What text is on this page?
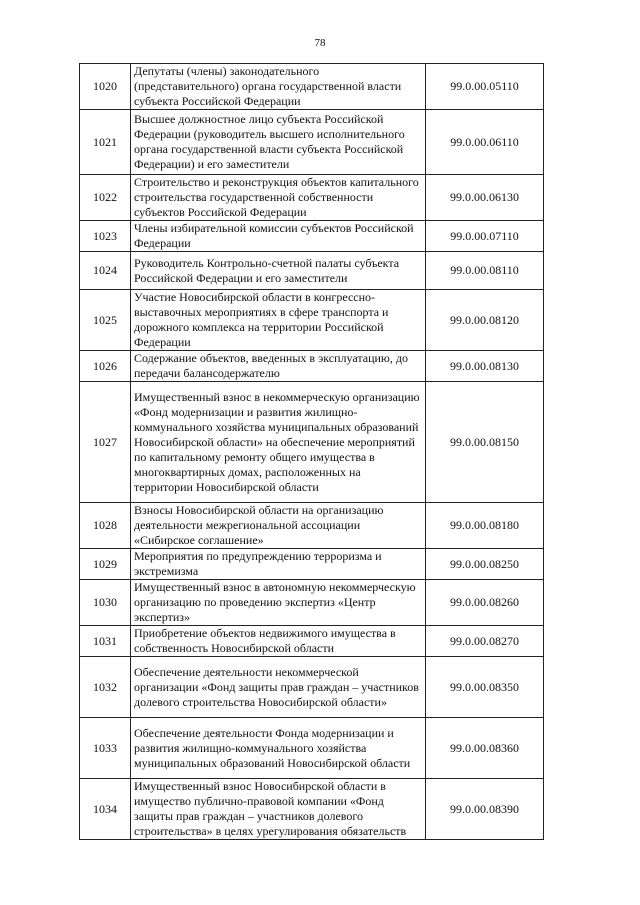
78
1020	Депутаты (члены) законодательного (представительного) органа государственной власти субъекта Российской Федерации	99.0.00.05110
1021	Высшее должностное лицо субъекта Российской Федерации (руководитель высшего исполнительного органа государственной власти субъекта Российской Федерации) и его заместители	99.0.00.06110
1022	Строительство и реконструкция объектов капитального строительства государственной собственности субъектов Российской Федерации	99.0.00.06130
1023	Члены избирательной комиссии субъектов Российской Федерации	99.0.00.07110
1024	Руководитель Контрольно-счетной палаты субъекта Российской Федерации и его заместители	99.0.00.08110
1025	Участие Новосибирской области в конгрессно-выставочных мероприятиях в сфере транспорта и дорожного комплекса на территории Российской Федерации	99.0.00.08120
1026	Содержание объектов, введенных в эксплуатацию, до передачи балансодержателю	99.0.00.08130
1027	Имущественный взнос в некоммерческую организацию «Фонд модернизации и развития жилищно-коммунального хозяйства муниципальных образований Новосибирской области» на обеспечение мероприятий по капитальному ремонту общего имущества в многоквартирных домах, расположенных на территории Новосибирской области	99.0.00.08150
1028	Взносы Новосибирской области на организацию деятельности межрегиональной ассоциации «Сибирское соглашение»	99.0.00.08180
1029	Мероприятия по предупреждению терроризма и экстремизма	99.0.00.08250
1030	Имущественный взнос в автономную некоммерческую организацию по проведению экспертиз «Центр экспертиз»	99.0.00.08260
1031	Приобретение объектов недвижимого имущества в собственность Новосибирской области	99.0.00.08270
1032	Обеспечение деятельности некоммерческой организации «Фонд защиты прав граждан – участников долевого строительства Новосибирской области»	99.0.00.08350
1033	Обеспечение деятельности Фонда модернизации и развития жилищно-коммунального хозяйства муниципальных образований Новосибирской области	99.0.00.08360
1034	Имущественный взнос Новосибирской области в имущество публично-правовой компании «Фонд защиты прав граждан – участников долевого строительства» в целях урегулирования обязательств	99.0.00.08390
